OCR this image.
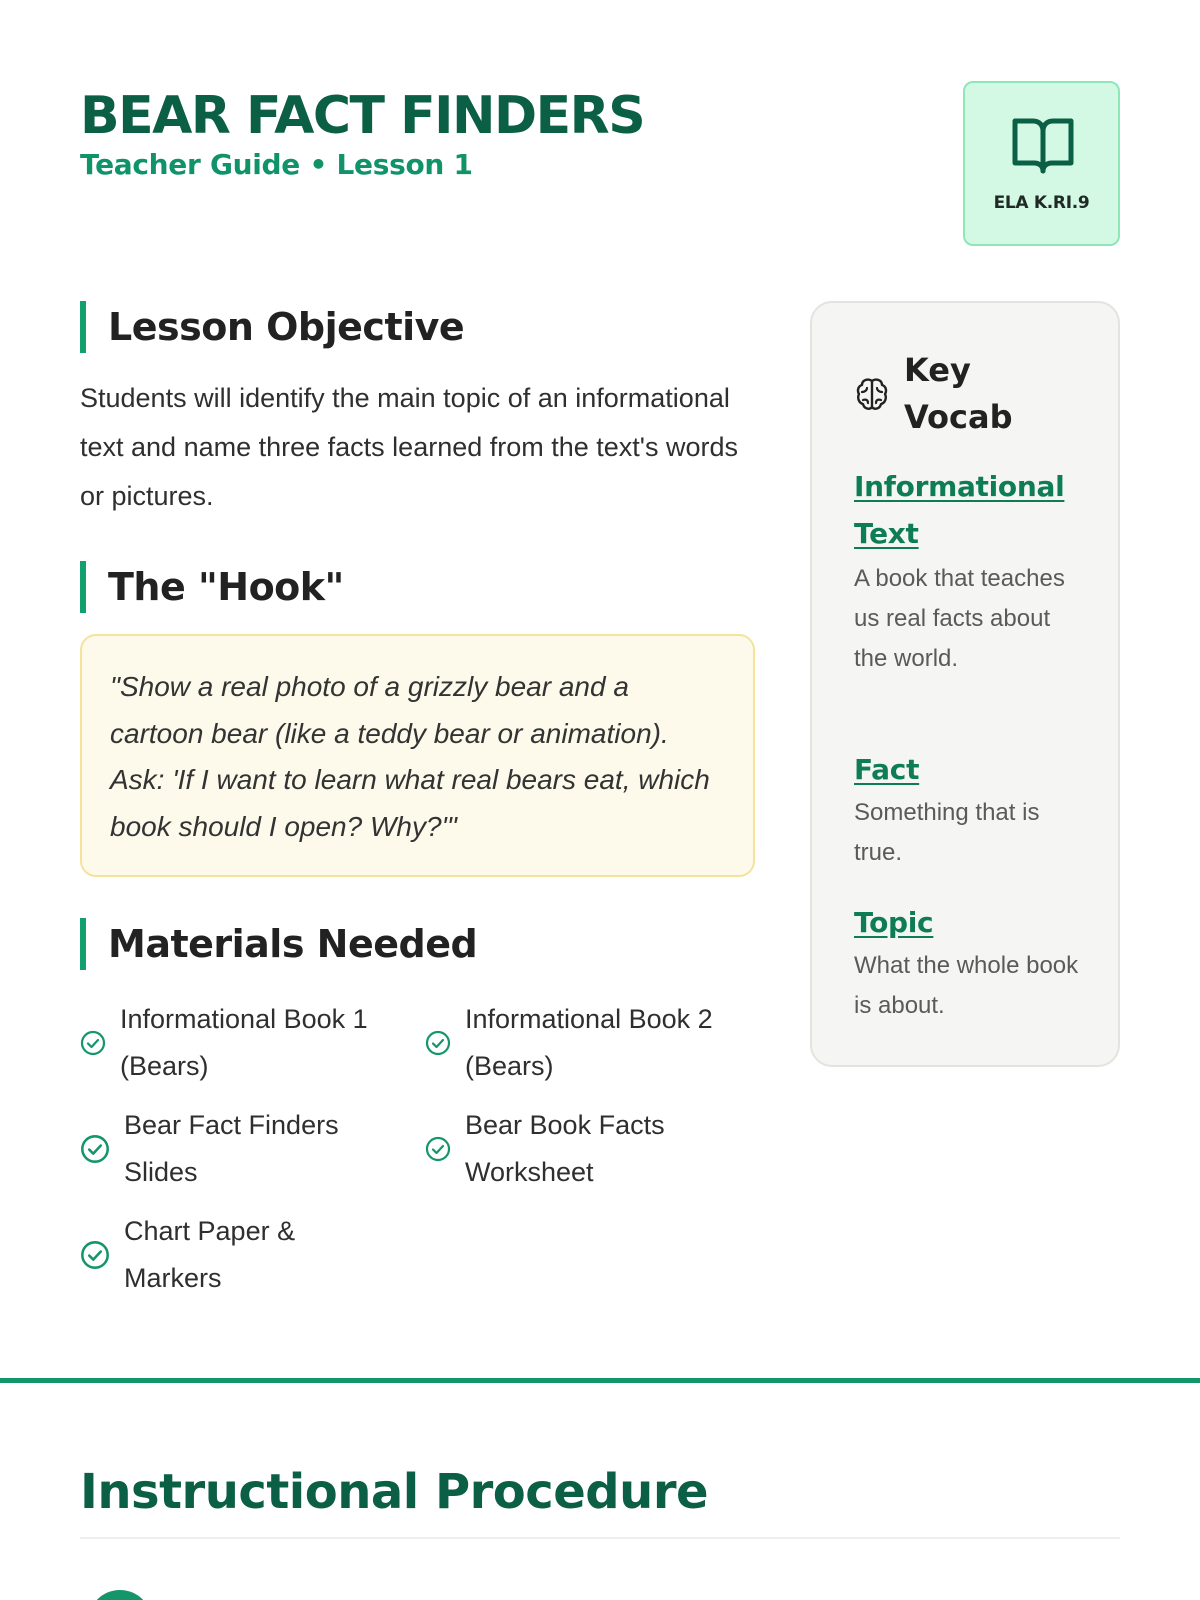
BEAR FACT FINDERS
Teacher Guide • Lesson 1
ELA K.RI.9
Lesson Objective
Students will identify the main topic of an informational text and name three facts learned from the text's words or pictures.
The "Hook"
"Show a real photo of a grizzly bear and a cartoon bear (like a teddy bear or animation). Ask: 'If I want to learn what real bears eat, which book should I open? Why?'"
Materials Needed
Informational Book 1 (Bears)
Informational Book 2 (Bears)
Bear Fact Finders Slides
Bear Book Facts Worksheet
Chart Paper & Markers
Key Vocab
Informational Text
A book that teaches us real facts about the world.
Fact
Something that is true.
Topic
What the whole book is about.
Instructional Procedure
